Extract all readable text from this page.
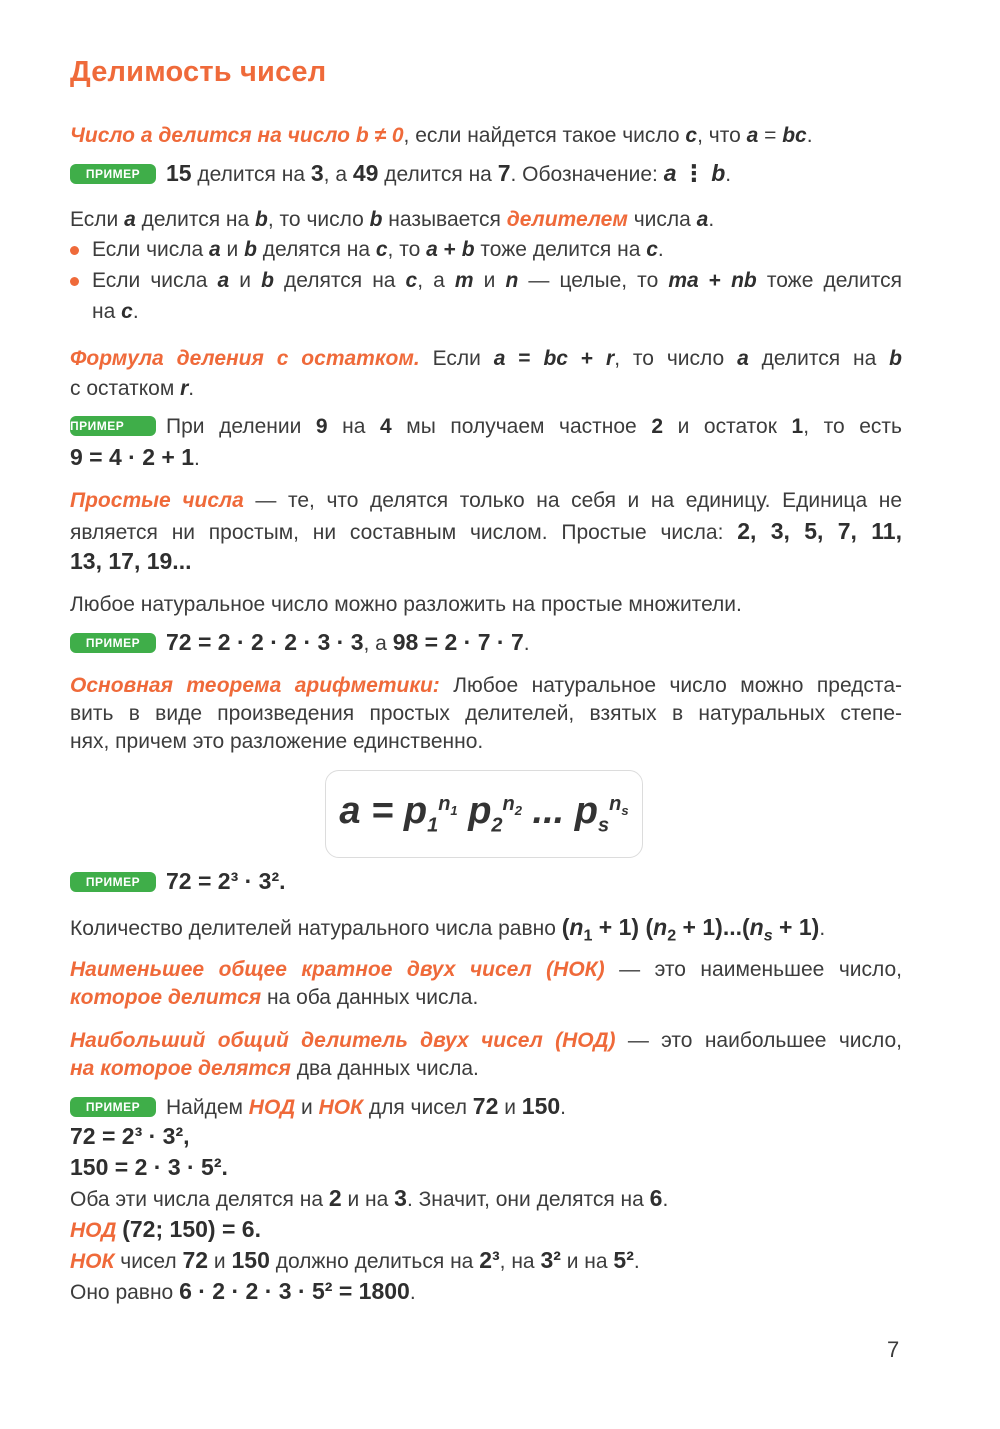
Делимость чисел
Число a делится на число b ≠ 0, если найдется такое число c, что a = bc.
ПРИМЕР 15 делится на 3, а 49 делится на 7. Обозначение: a ⋮ b.
Если a делится на b, то число b называется делителем числа a.
Если числа a и b делятся на c, то a + b тоже делится на c.
Если числа a и b делятся на c, а m и n — целые, то ma + nb тоже делится
на c.
Формула деления с остатком. Если a = bc + r, то число a делится на b
с остатком r.
ПРИМЕР При делении 9 на 4 мы получаем частное 2 и остаток 1, то есть
9 = 4 · 2 + 1.
Простые числа — те, что делятся только на себя и на единицу. Единица не
является ни простым, ни составным числом. Простые числа: 2, 3, 5, 7, 11,
13, 17, 19...
Любое натуральное число можно разложить на простые множители.
ПРИМЕР 72 = 2 · 2 · 2 · 3 · 3, а 98 = 2 · 7 · 7.
Основная теорема арифметики: Любое натуральное число можно предста-
вить в виде произведения простых делителей, взятых в натуральных степе-
нях, причем это разложение единственно.
$a = p_1^{n_1}$ $p_2^{n_2}$ ... $p_s^{n_s}$
ПРИМЕР 72 = 2³ · 3².
Количество делителей натурального числа равно $(n_1 + 1) (n_2 + 1)...(n_s + 1)$.
Наименьшее общее кратное двух чисел (НОК) — это наименьшее число,
которое делится на оба данных числа.
Наибольший общий делитель двух чисел (НОД) — это наибольшее число,
на которое делятся два данных числа.
ПРИМЕР Найдем НОД и НОК для чисел 72 и 150.
72 = 2³ · 3²,
150 = 2 · 3 · 5².
Оба эти числа делятся на 2 и на 3. Значит, они делятся на 6.
НОД (72; 150) = 6.
НОК чисел 72 и 150 должно делиться на 2³, на 3² и на 5².
Оно равно 6 · 2 · 2 · 3 · 5² = 1800.
7
